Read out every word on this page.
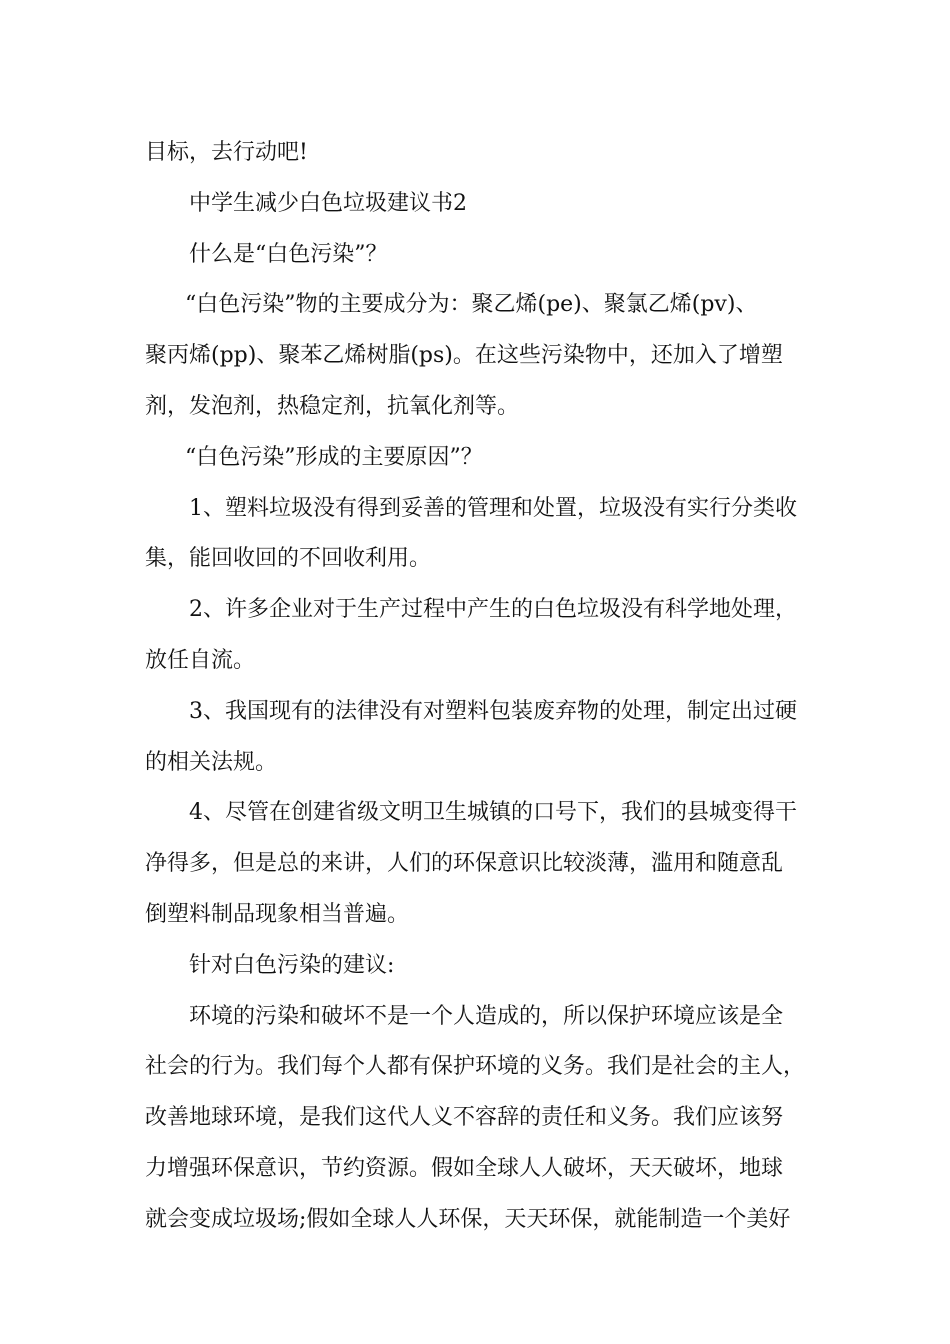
目标，去行动吧!
中学生减少白色垃圾建议书2
什么是“白色污染”？
“白色污染”物的主要成分为：聚乙烯(pe)、聚氯乙烯(pv)、
聚丙烯(pp)、聚苯乙烯树脂(ps)。在这些污染物中，还加入了增塑
剂，发泡剂，热稳定剂，抗氧化剂等。
“白色污染”形成的主要原因”？
1、塑料垃圾没有得到妥善的管理和处置，垃圾没有实行分类收
集，能回收回的不回收利用。
2、许多企业对于生产过程中产生的白色垃圾没有科学地处理，
放任自流。
3、我国现有的法律没有对塑料包装废弃物的处理，制定出过硬
的相关法规。
4、尽管在创建省级文明卫生城镇的口号下，我们的县城变得干
净得多，但是总的来讲，人们的环保意识比较淡薄，滥用和随意乱
倒塑料制品现象相当普遍。
针对白色污染的建议:
环境的污染和破坏不是一个人造成的，所以保护环境应该是全
社会的行为。我们每个人都有保护环境的义务。我们是社会的主人，
改善地球环境，是我们这代人义不容辞的责任和义务。我们应该努
力增强环保意识，节约资源。假如全球人人破坏，天天破坏，地球
就会变成垃圾场;假如全球人人环保，天天环保，就能制造一个美好
